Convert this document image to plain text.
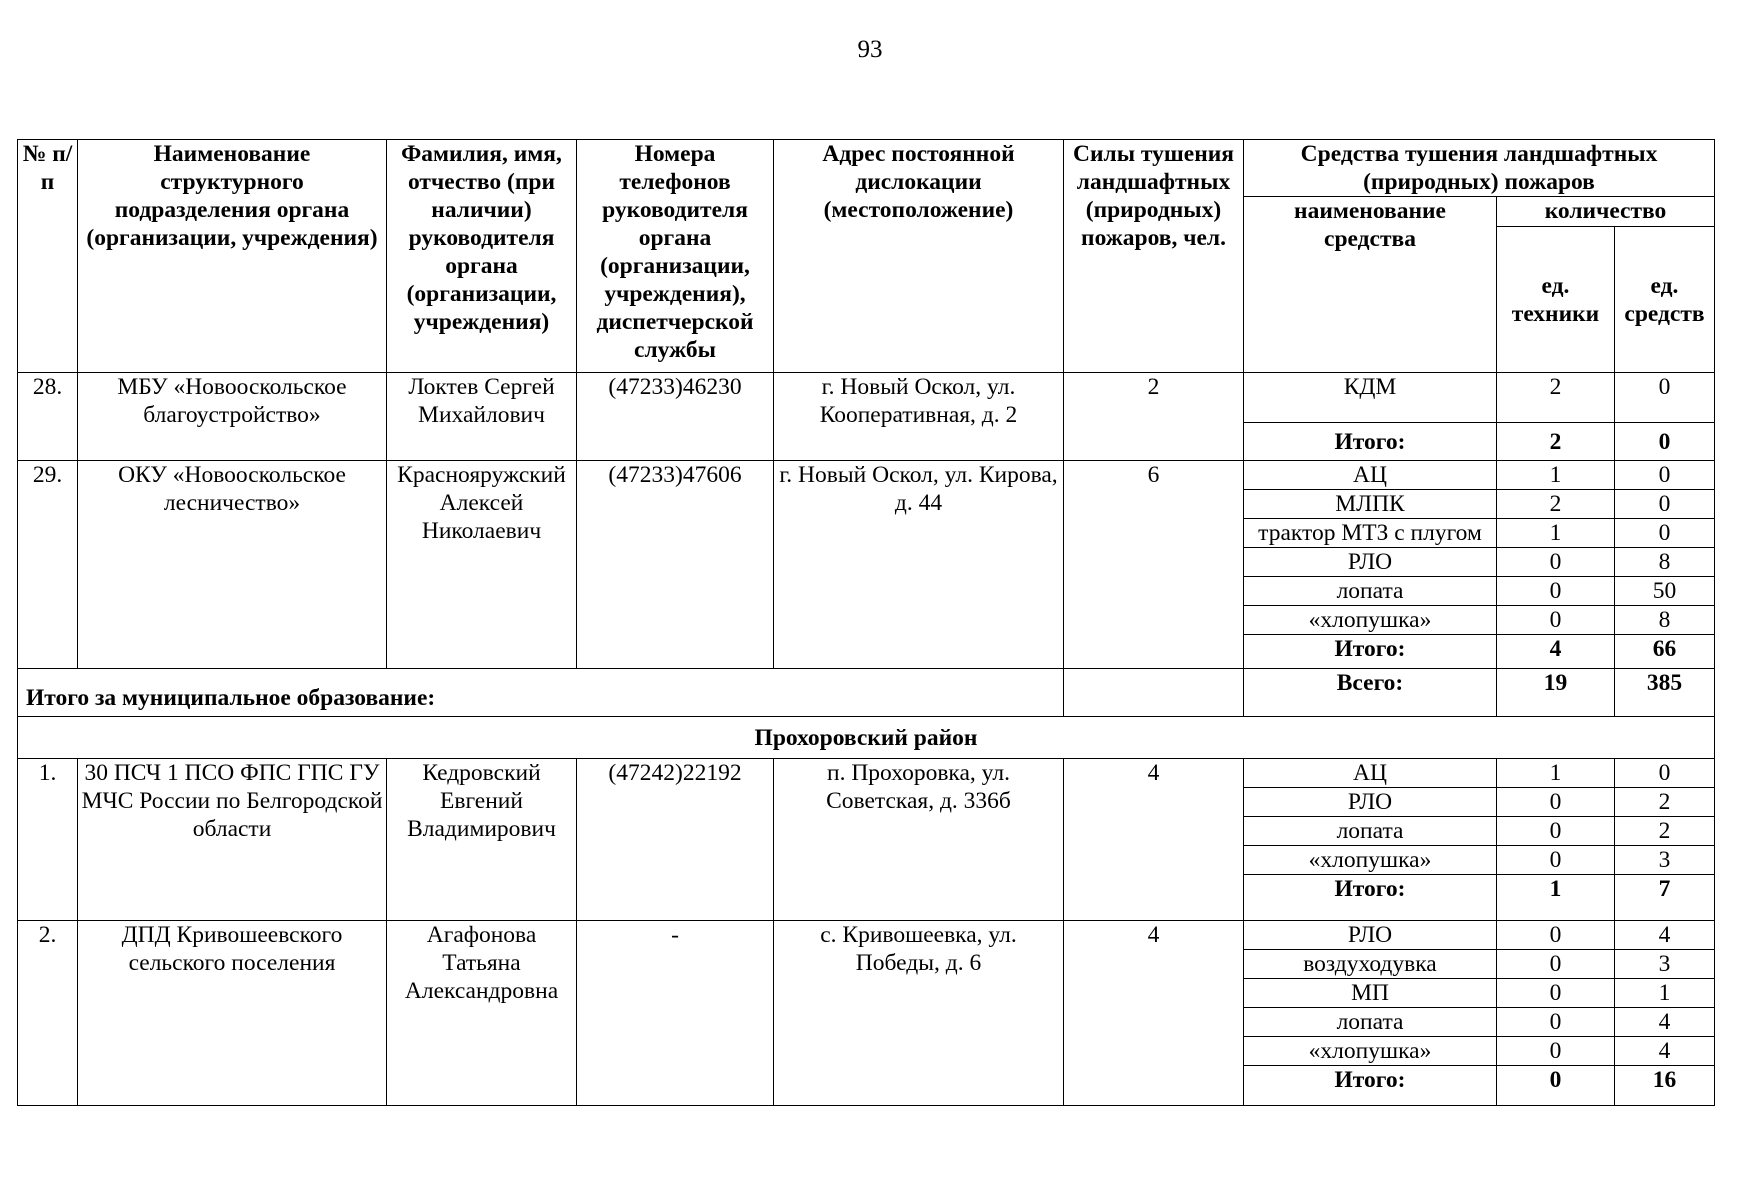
93
№ п/п	Наименование структурного подразделения органа (организации, учреждения)	Фамилия, имя, отчество (при наличии) руководителя органа (организации, учреждения)	Номера телефонов руководителя органа (организации, учреждения), диспетчерской службы	Адрес постоянной дислокации (местоположение)	Силы тушения ландшафтных (природных) пожаров, чел.	Средства тушения ландшафтных (природных) пожаров		
						наименование средства	количество	
							ед. техники	ед. средств
28.	МБУ «Новооскольское благоустройство»	Локтев Сергей Михайлович	(47233)46230	г. Новый Оскол, ул. Кооперативная, д. 2	2	КДМ	2	0
						Итого:	2	0
29.	ОКУ «Новооскольское лесничество»	Краснояружский Алексей Николаевич	(47233)47606	г. Новый Оскол, ул. Кирова, д. 44	6	АЦ	1	0
						МЛПК	2	0
						трактор МТЗ с плугом	1	0
						РЛО	0	8
						лопата	0	50
						«хлопушка»	0	8
						Итого:	4	66
Итого за муниципальное образование:						Всего:	19	385
Прохоровский район								
1.	30 ПСЧ 1 ПСО ФПС ГПС ГУ МЧС России по Белгородской области	Кедровский Евгений Владимирович	(47242)22192	п. Прохоровка, ул. Советская, д. 336б	4	АЦ	1	0
						РЛО	0	2
						лопата	0	2
						«хлопушка»	0	3
						Итого:	1	7
2.	ДПД Кривошеевского сельского поселения	Агафонова Татьяна Александровна	-	с. Кривошеевка, ул. Победы, д. 6	4	РЛО	0	4
						воздуходувка	0	3
						МП	0	1
						лопата	0	4
						«хлопушка»	0	4
						Итого:	0	16
